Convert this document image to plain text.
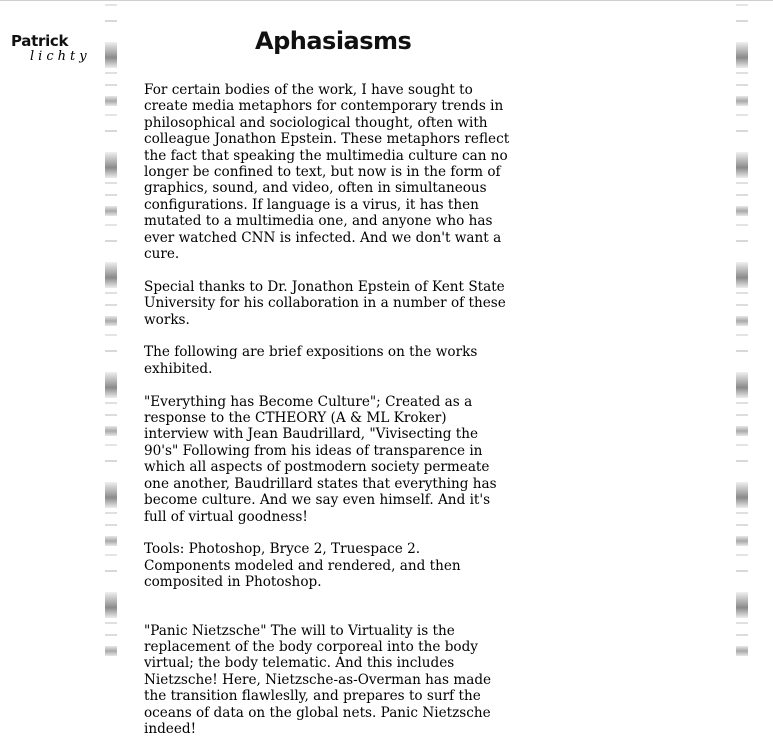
Patrick
lichty
Aphasiasms

For certain bodies of the work, I have sought to create media metaphors for contemporary trends in philosophical and sociological thought, often with colleague Jonathon Epstein. These metaphors reflect the fact that speaking the multimedia culture can no longer be confined to text, but now is in the form of graphics, sound, and video, often in simultaneous configurations. If language is a virus, it has then mutated to a multimedia one, and anyone who has ever watched CNN is infected. And we don't want a cure.

Special thanks to Dr. Jonathon Epstein of Kent State University for his collaboration in a number of these works.

The following are brief expositions on the works exhibited.

"Everything has Become Culture"; Created as a response to the CTHEORY (A & ML Kroker) interview with Jean Baudrillard, "Vivisecting the 90's" Following from his ideas of transparence in which all aspects of postmodern society permeate one another, Baudrillard states that everything has become culture. And we say even himself. And it's full of virtual goodness!

Tools: Photoshop, Bryce 2, Truespace 2. Components modeled and rendered, and then composited in Photoshop.

"Panic Nietzsche" The will to Virtuality is the replacement of the body corporeal into the body virtual; the body telematic. And this includes Nietzsche! Here, Nietzsche-as-Overman has made the transition flawleslly, and prepares to surf the oceans of data on the global nets. Panic Nietzsche indeed!
